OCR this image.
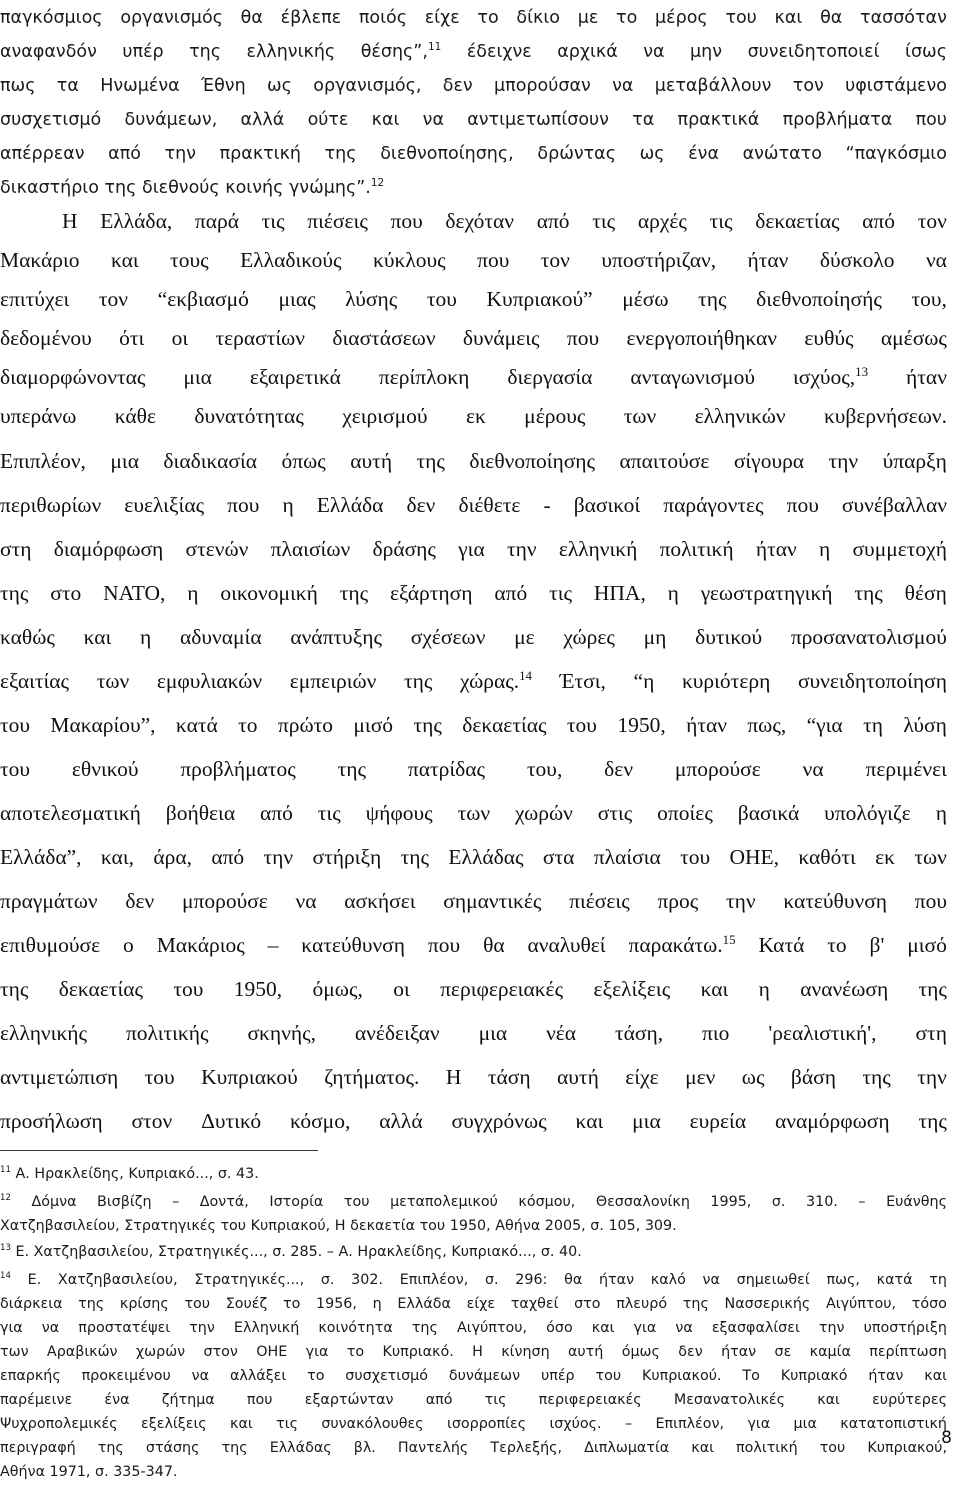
παγκόσμιος οργανισμός θα έβλεπε ποιός είχε το δίκιο με το μέρος του και θα τασσόταν
αναφανδόν υπέρ της ελληνικής θέσης”,$^{11}$ έδειχνε αρχικά να μην συνειδητοποιεί ίσως
πως τα Ηνωμένα Έθνη ως οργανισμός, δεν μπορούσαν να μεταβάλλουν τον υφιστάμενο
συσχετισμό δυνάμεων, αλλά ούτε και να αντιμετωπίσουν τα πρακτικά προβλήματα που
απέρρεαν από την πρακτική της διεθνοποίησης, δρώντας ως ένα ανώτατο “παγκόσμιο
δικαστήριο
της
διεθνούς
κοινής
γνώμης”.$^{12}$

Η Ελλάδα, παρά τις πιέσεις που δεχόταν από τις αρχές τις δεκαετίας από τον
Μακάριο και τους Ελλαδικούς κύκλους που τον υποστήριζαν, ήταν δύσκολο να
επιτύχει τον “εκβιασμό μιας λύσης του Κυπριακού” μέσω της διεθνοποίησής του,
δεδομένου ότι οι τεραστίων διαστάσεων δυνάμεις που ενεργοποιήθηκαν ευθύς αμέσως
διαμορφώνοντας μια εξαιρετικά περίπλοκη διεργασία ανταγωνισμού ισχύος,$^{13}$ ήταν
υπεράνω κάθε δυνατότητας χειρισμού εκ μέρους των ελληνικών κυβερνήσεων.
Επιπλέον, μια διαδικασία όπως αυτή της διεθνοποίησης απαιτούσε σίγουρα την ύπαρξη
περιθωρίων ευελιξίας που η Ελλάδα δεν διέθετε - βασικοί παράγοντες που συνέβαλλαν
στη διαμόρφωση στενών πλαισίων δράσης για την ελληνική πολιτική ήταν η συμμετοχή
της στο ΝΑΤΟ, η οικονομική της εξάρτηση από τις ΗΠΑ, η γεωστρατηγική της θέση
καθώς και η αδυναμία ανάπτυξης σχέσεων με χώρες μη δυτικού προσανατολισμού
εξαιτίας των εμφυλιακών εμπειριών της χώρας.$^{14}$ Έτσι, “η κυριότερη συνειδητοποίηση
του Μακαρίου”, κατά το πρώτο μισό της δεκαετίας του 1950, ήταν πως, “για τη λύση
του εθνικού προβλήματος της πατρίδας του, δεν μπορούσε να περιμένει
αποτελεσματική βοήθεια από τις ψήφους των χωρών στις οποίες βασικά υπολόγιζε η
Ελλάδα”, και, άρα, από την στήριξη της Ελλάδας στα πλαίσια του ΟΗΕ, καθότι εκ των
πραγμάτων δεν μπορούσε να ασκήσει σημαντικές πιέσεις προς την κατεύθυνση που
επιθυμούσε ο Μακάριος – κατεύθυνση που θα αναλυθεί παρακάτω.$^{15}$ Κατά το β' μισό
της δεκαετίας του 1950, όμως, οι περιφερειακές εξελίξεις και η ανανέωση της
ελληνικής πολιτικής σκηνής, ανέδειξαν μια νέα τάση, πιο 'ρεαλιστική', στη
αντιμετώπιση του Κυπριακού ζητήματος. Η τάση αυτή είχε μεν ως βάση της την
προσήλωση στον Δυτικό κόσμο, αλλά συγχρόνως και μια ευρεία αναμόρφωση της
$^{11}$
Α.
Ηρακλείδης,
Κυπριακό...,
σ.
43.

$^{12}$ Δόμνα Βισβίζη – Δοντά, Ιστορία του μεταπολεμικού κόσμου, Θεσσαλονίκη 1995, σ. 310. – Ευάνθης
Χατζηβασιλείου,
Στρατηγικές
του
Κυπριακού,
Η
δεκαετία
του
1950,
Αθήνα
2005,
σ.
105,
309.

$^{13}$
Ε.
Χατζηβασιλείου,
Στρατηγικές...,
σ.
285.
–
Α.
Ηρακλείδης,
Κυπριακό...,
σ.
40.

$^{14}$ Ε. Χατζηβασιλείου, Στρατηγικές..., σ. 302. Επιπλέον, σ. 296: θα ήταν καλό να σημειωθεί πως, κατά τη
διάρκεια της κρίσης του Σουέζ το 1956, η Ελλάδα είχε ταχθεί στο πλευρό της Νασσερικής Αιγύπτου, τόσο
για να προστατέψει την Ελληνική κοινότητα της Αιγύπτου, όσο και για να εξασφαλίσει την υποστήριξη
των Αραβικών χωρών στον ΟΗΕ για το Κυπριακό. Η κίνηση αυτή όμως δεν ήταν σε καμία περίπτωση
επαρκής προκειμένου να αλλάξει το συσχετισμό δυνάμεων υπέρ του Κυπριακού. Το Κυπριακό ήταν και
παρέμεινε ένα ζήτημα που εξαρτώνταν από τις περιφερειακές Μεσανατολικές και ευρύτερες
Ψυχροπολεμικές εξελίξεις και τις συνακόλουθες ισορροπίες ισχύος. – Επιπλέον, για μια κατατοπιστική
περιγραφή της στάσης της Ελλάδας βλ. Παντελής Τερλεξής, Διπλωματία και πολιτική του Κυπριακού,
Αθήνα
1971,
σ.
335-347.

8
